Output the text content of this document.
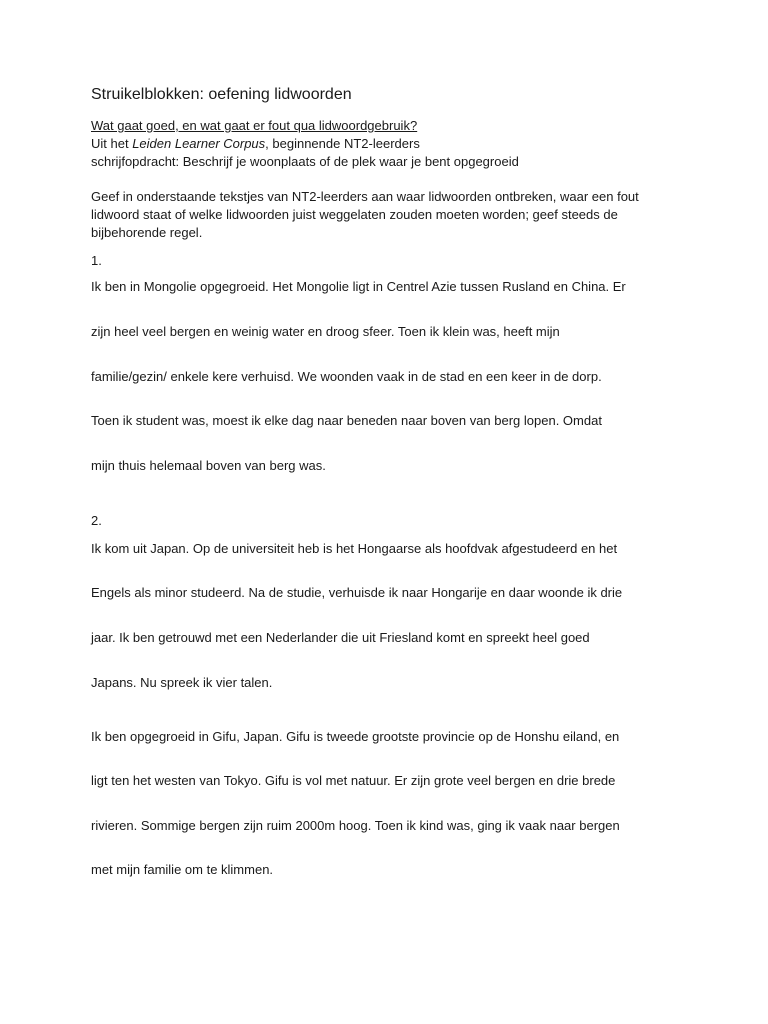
Struikelblokken: oefening lidwoorden
Wat gaat goed, en wat gaat er fout qua lidwoordgebruik?
Uit het Leiden Learner Corpus, beginnende NT2-leerders
schrijfopdracht: Beschrijf je woonplaats of de plek waar je bent opgegroeid
Geef in onderstaande tekstjes van NT2-leerders aan waar lidwoorden ontbreken, waar een fout lidwoord staat of welke lidwoorden juist weggelaten zouden moeten worden; geef steeds de bijbehorende regel.
1.
Ik ben in Mongolie opgegroeid. Het Mongolie ligt in Centrel Azie tussen Rusland en China. Er
zijn heel veel bergen en weinig water en droog sfeer. Toen ik klein was, heeft mijn
familie/gezin/ enkele kere verhuisd. We woonden vaak in de stad en een keer in de dorp.
Toen ik student was, moest ik elke dag naar beneden naar boven van berg lopen. Omdat
mijn thuis helemaal boven van berg was.
2.
Ik kom uit Japan. Op de universiteit heb is het Hongaarse als hoofdvak afgestudeerd en het
Engels als minor studeerd. Na de studie, verhuisde ik naar Hongarije en daar woonde ik drie
jaar. Ik ben getrouwd met een Nederlander die uit Friesland komt en spreekt heel goed
Japans. Nu spreek ik vier talen.
Ik ben opgegroeid in Gifu, Japan. Gifu is tweede grootste provincie op de Honshu eiland, en
ligt ten het westen van Tokyo. Gifu is vol met natuur. Er zijn grote veel bergen en drie brede
rivieren. Sommige bergen zijn ruim 2000m hoog. Toen ik kind was, ging ik vaak naar bergen
met mijn familie om te klimmen.
